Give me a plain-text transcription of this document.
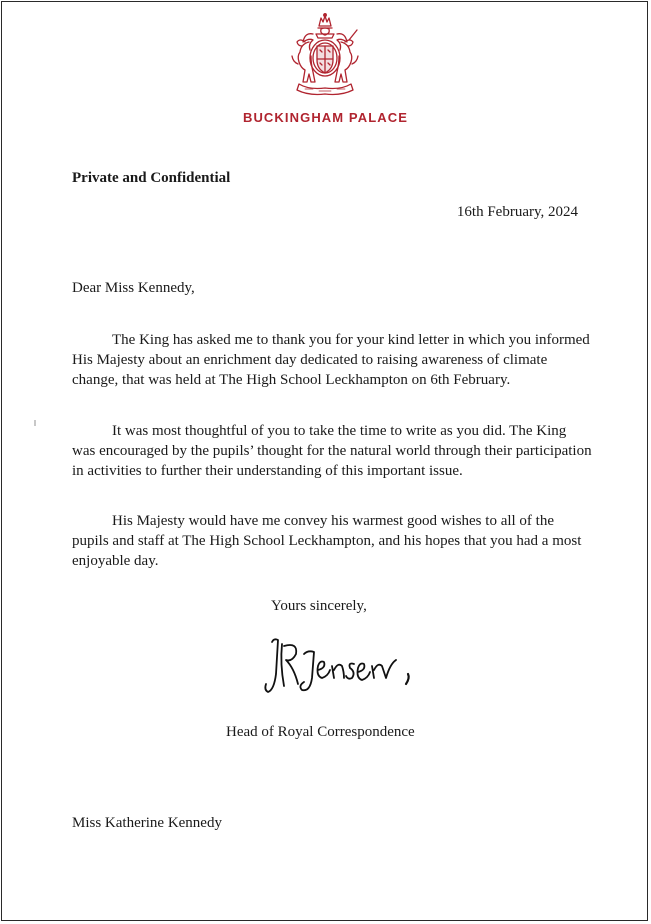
BUCKINGHAM PALACE
Private and Confidential
16th February, 2024
Dear Miss Kennedy,

The King has asked me to thank you for your kind letter in which you informed His Majesty about an enrichment day dedicated to raising awareness of climate change, that was held at The High School Leckhampton on 6th February.

It was most thoughtful of you to take the time to write as you did. The King was encouraged by the pupils’ thought for the natural world through their participation in activities to further their understanding of this important issue.

His Majesty would have me convey his warmest good wishes to all of the pupils and staff at The High School Leckhampton, and his hopes that you had a most enjoyable day.

Yours sincerely,
Head of Royal Correspondence
Miss Katherine Kennedy
